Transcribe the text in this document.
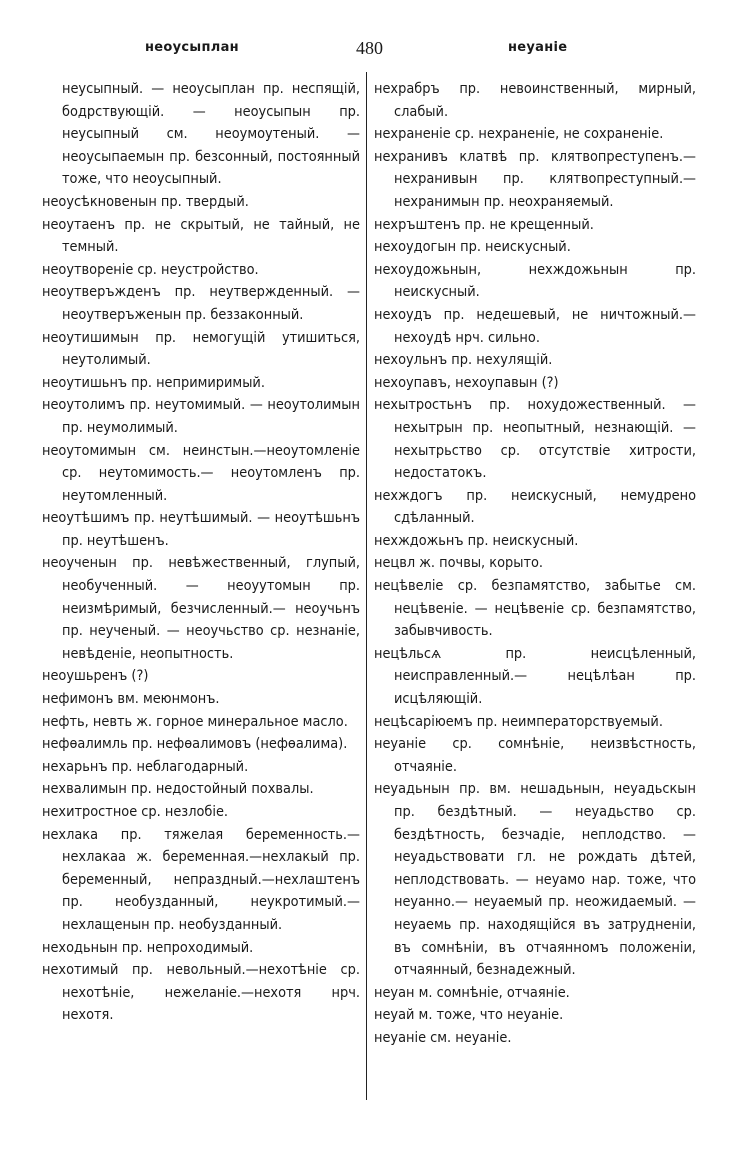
неоусыплан	480	неуаніе

неусыпный. — неоусыплан пр. неспящій, бодрствующій. — неоусыпын пр. неусыпный см. неоумоутеный. — неоусыпаемын пр. безсонный, постоянный тоже, что неоусыпный.

неоусѣкновенын пр. твердый.

неоутаенъ пр. не скрытый, не тайный, не темный.

неоутвореніе ср. неустройство.

неоутверъжденъ пр. неутвержденный. —неоутверъженын пр. беззаконный.

неоутишимын пр. немогущій утишиться, неутолимый.

неоутишьнъ пр. непримиримый.

неоутолимъ пр. неутомимый. — неоутолимын пр. неумолимый.

неоутомимын см. неинстын.—неоутомленіе ср. неутомимость.— неоутомленъ пр. неутомленный.

неоутѣшимъ пр. неутѣшимый. — неоутѣшьнъ пр. неутѣшенъ.

неоученын пр. невѣжественный, глупый, необученный. — неоуутомын пр. неизмѣримый, безчисленный.— неоучьнъ пр. неученый. — неоучьство ср. незнаніе, невѣденіе, неопытность.

неоушьренъ (?)

нефимонъ вм. меюнмонъ.

нефть, невть ж. горное минеральное масло.

нефѳалимль пр. нефѳалимовъ (нефѳалима).

нехарьнъ пр. неблагодарный.

нехвалимын пр. недостойный похвалы.

нехитростное ср. незлобіе.

нехлака пр. тяжелая беременность.— нехлакаа ж. беременная.—нехлакый пр. беременный, непраздный.—нехлаштенъ пр. необузданный, неукротимый.—нехлащенын пр. необузданный.

неходьнын пр. непроходимый.

нехотимый пр. невольный.—нехотѣніе ср. нехотѣніе, нежеланіе.—нехотя нрч. нехотя.

нехрабръ пр. невоинственный, мирный, слабый.

нехраненіе ср. нехраненіе, не сохраненіе.

нехранивъ клатвѣ пр. клятвопреступенъ.—нехранивын пр. клятвопреступный.— нехранимын пр. неохраняемый.

нехръштенъ пр. не крещенный.

нехоудогын пр. неискусный.

нехоудожьнын, нехждожьнын пр. неискусный.

нехоудъ пр. недешевый, не ничтожный.—нехоудѣ нрч. сильно.

нехоульнъ пр. нехулящій.

нехоупавъ, нехоупавын (?)

нехытростьнъ пр. нохудожественный. —нехытрын пр. неопытный, незнающій. — нехытрьство ср. отсутствіе хитрости, недостатокъ.

нехждогъ пр. неискусный, немудрено сдѣланный.

нехждожьнъ пр. неискусный.

нецвл ж. почвы, корыто.

нецѣвеліе ср. безпамятство, забытье см. нецѣвеніе. — нецѣвеніе ср. безпамятство, забывчивость.

нецѣльсѧ пр. неисцѣленный, неисправленный.— нецѣлѣан пр. исцѣляющій.

нецѣсаріюемъ пр. неимператорствуемый.

неуаніе ср. сомнѣніе, неизвѣстность, отчаяніе.

неуадьнын пр. вм. нешадьнын, неуадьскын пр. бездѣтный. — неуадьство ср. бездѣтность, безчадіе, неплодство. — неуадьствовати гл. не рождать дѣтей, неплодствовать. — неуамо нар. тоже, что неуанно.— неуаемый пр. неожидаемый. — неуаемь пр. находящійся въ затрудненіи, въ сомнѣніи, въ отчаянномъ положеніи, отчаянный, безнадежный.

неуан м. сомнѣніе, отчаяніе.

неуай м. тоже, что неуаніе.

неуаніе см. неуаніе.
